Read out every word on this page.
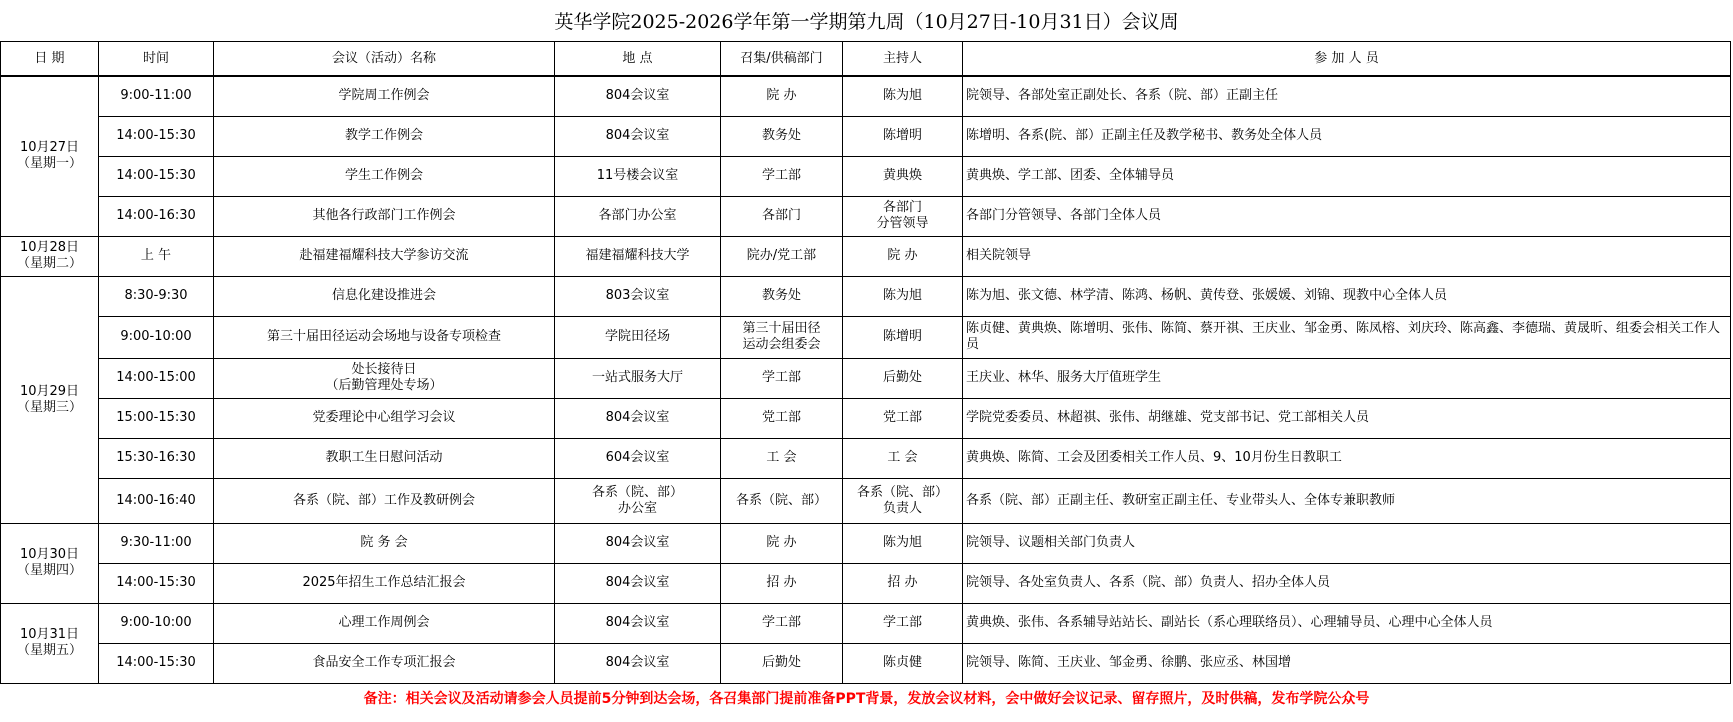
英华学院2025-2026学年第一学期第九周（10月27日-10月31日）会议周
日 期	时间	会议（活动）名称	地 点	召集/供稿部门	主持人	参 加 人 员

10月27日
（星期一）	9:00-11:00	学院周工作例会	804会议室	院 办	陈为旭	院领导、各部处室正副处长、各系（院、部）正副主任
	14:00-15:30	教学工作例会	804会议室	教务处	陈增明	陈增明、各系(院、部）正副主任及教学秘书、教务处全体人员
	14:00-15:30	学生工作例会	11号楼会议室	学工部	黄典焕	黄典焕、学工部、团委、全体辅导员
	14:00-16:30	其他各行政部门工作例会	各部门办公室	各部门	各部门
分管领导	各部门分管领导、各部门全体人员

10月28日
（星期二）	上 午	赴福建福耀科技大学参访交流	福建福耀科技大学	院办/党工部	院 办	相关院领导

10月29日
（星期三）	8:30-9:30	信息化建设推进会	803会议室	教务处	陈为旭	陈为旭、张文德、林学清、陈鸿、杨帆、黄传登、张媛媛、刘锦、现教中心全体人员
	9:00-10:00	第三十届田径运动会场地与设备专项检查	学院田径场	第三十届田径
运动会组委会	陈增明	陈贞健、黄典焕、陈增明、张伟、陈简、蔡开祺、王庆业、邹金勇、陈凤榕、刘庆玲、陈高鑫、李德瑞、黄晟昕、组委会相关工作人员
	14:00-15:00	处长接待日
（后勤管理处专场）	一站式服务大厅	学工部	后勤处	王庆业、林华、服务大厅值班学生
	15:00-15:30	党委理论中心组学习会议	804会议室	党工部	党工部	学院党委委员、林超祺、张伟、胡继雄、党支部书记、党工部相关人员
	15:30-16:30	教职工生日慰问活动	604会议室	工 会	工 会	黄典焕、陈简、工会及团委相关工作人员、9、10月份生日教职工
	14:00-16:40	各系（院、部）工作及教研例会	各系（院、部）
办公室	各系（院、部）	各系（院、部）
负责人	各系（院、部）正副主任、教研室正副主任、专业带头人、全体专兼职教师

10月30日
（星期四）	9:30-11:00	院 务 会	804会议室	院 办	陈为旭	院领导、议题相关部门负责人
	14:00-15:30	2025年招生工作总结汇报会	804会议室	招 办	招 办	院领导、各处室负责人、各系（院、部）负责人、招办全体人员

10月31日
（星期五）	9:00-10:00	心理工作周例会	804会议室	学工部	学工部	黄典焕、张伟、各系辅导站站长、副站长（系心理联络员）、心理辅导员、心理中心全体人员
	14:00-15:30	食品安全工作专项汇报会	804会议室	后勤处	陈贞健	院领导、陈简、王庆业、邹金勇、徐鹏、张应丞、林国增
备注：相关会议及活动请参会人员提前5分钟到达会场，各召集部门提前准备PPT背景，发放会议材料，会中做好会议记录、留存照片，及时供稿，发布学院公众号
